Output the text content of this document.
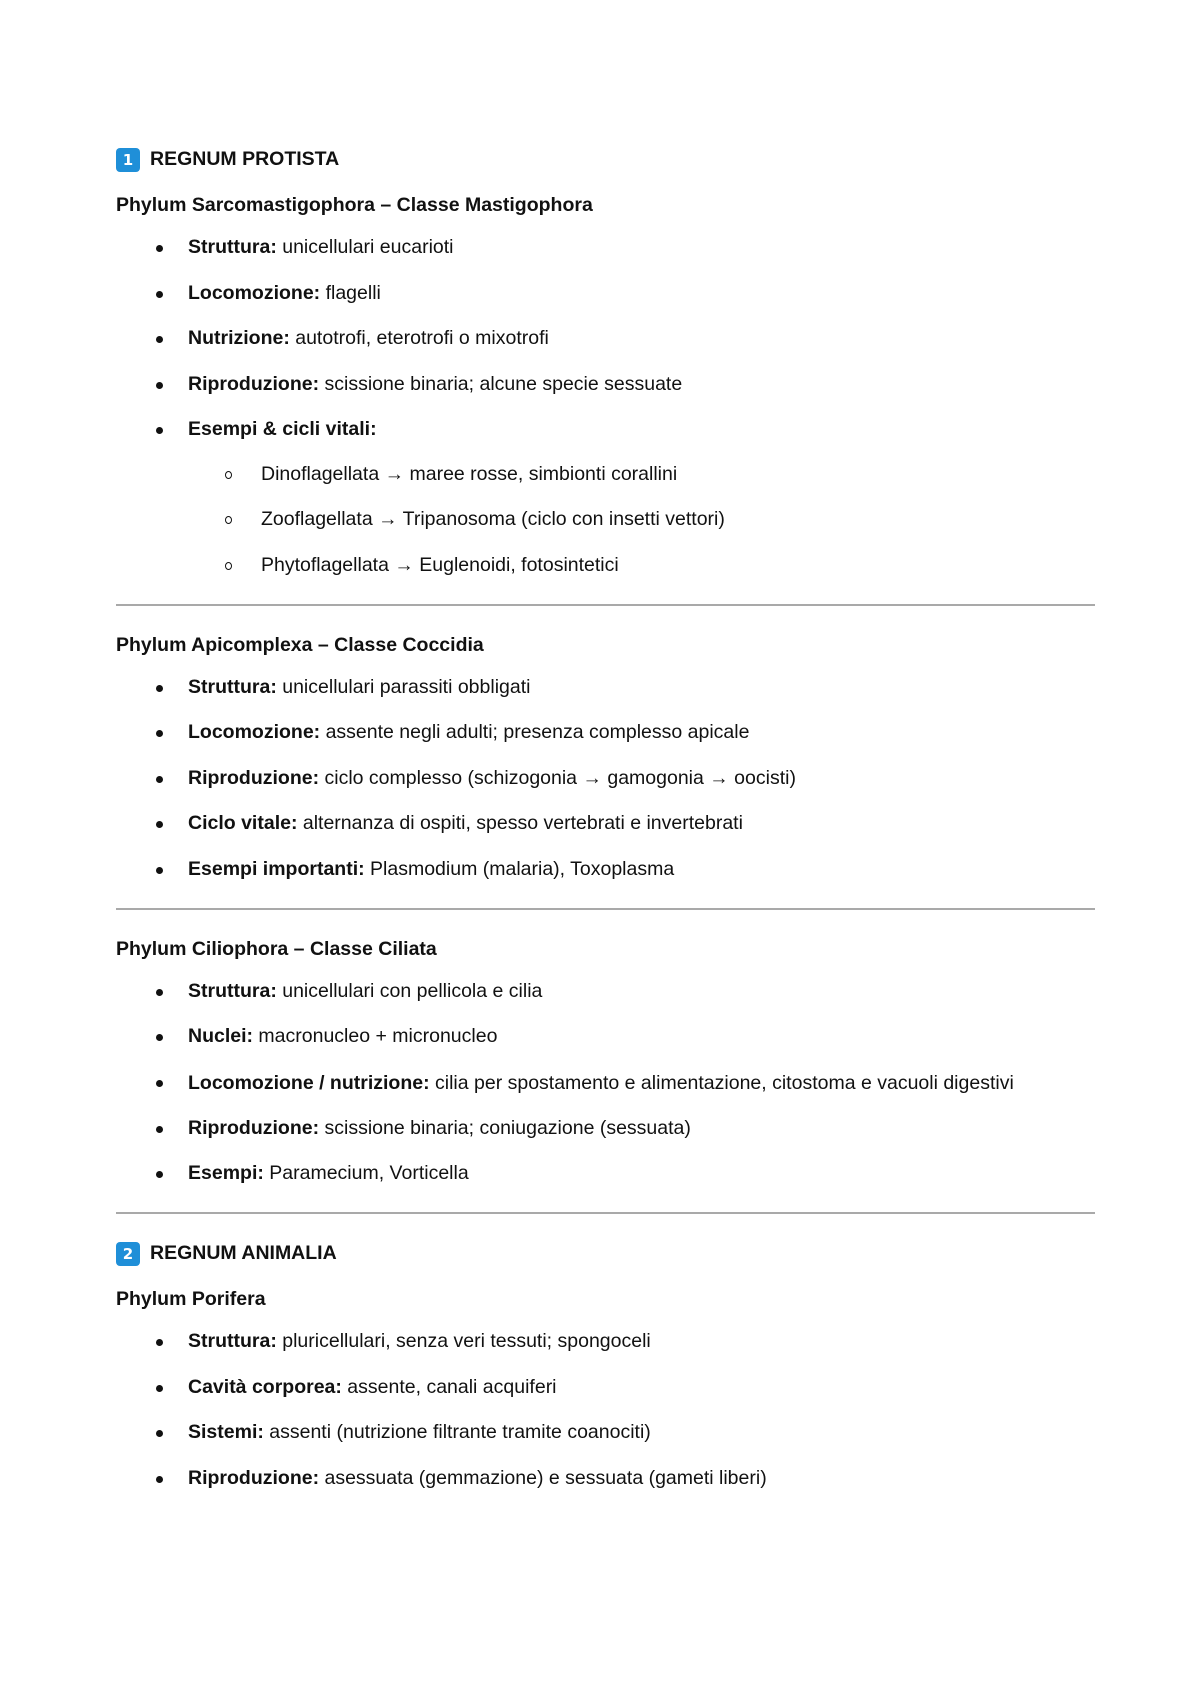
1 REGNUM PROTISTA
Phylum Sarcomastigophora – Classe Mastigophora
Struttura: unicellulari eucarioti
Locomozione: flagelli
Nutrizione: autotrofi, eterotrofi o mixotrofi
Riproduzione: scissione binaria; alcune specie sessuate
Esempi & cicli vitali:
Dinoflagellata → maree rosse, simbionti corallini
Zooflagellata → Tripanosoma (ciclo con insetti vettori)
Phytoflagellata → Euglenoidi, fotosintetici
Phylum Apicomplexa – Classe Coccidia
Struttura: unicellulari parassiti obbligati
Locomozione: assente negli adulti; presenza complesso apicale
Riproduzione: ciclo complesso (schizogonia → gamogonia → oocisti)
Ciclo vitale: alternanza di ospiti, spesso vertebrati e invertebrati
Esempi importanti: Plasmodium (malaria), Toxoplasma
Phylum Ciliophora – Classe Ciliata
Struttura: unicellulari con pellicola e cilia
Nuclei: macronucleo + micronucleo
Locomozione / nutrizione: cilia per spostamento e alimentazione, citostoma e vacuoli digestivi
Riproduzione: scissione binaria; coniugazione (sessuata)
Esempi: Paramecium, Vorticella
2 REGNUM ANIMALIA
Phylum Porifera
Struttura: pluricellulari, senza veri tessuti; spongoceli
Cavità corporea: assente, canali acquiferi
Sistemi: assenti (nutrizione filtrante tramite coanociti)
Riproduzione: asessuata (gemmazione) e sessuata (gameti liberi)
